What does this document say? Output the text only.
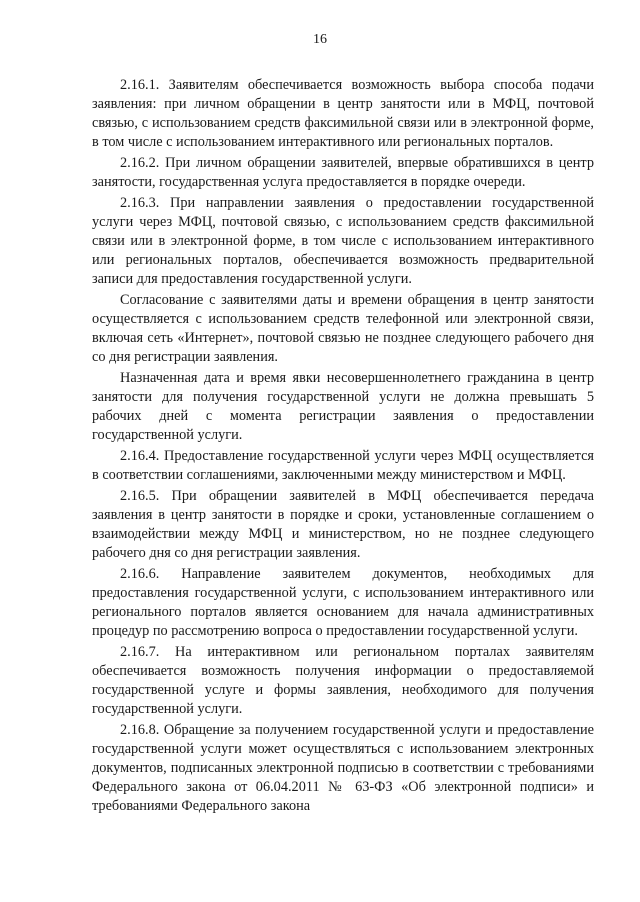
16

2.16.1. Заявителям обеспечивается возможность выбора способа подачи заявления: при личном обращении в центр занятости или в МФЦ, почтовой связью, с использованием средств факсимильной связи или в электронной форме, в том числе с использованием интерактивного или региональных порталов.

2.16.2. При личном обращении заявителей, впервые обратившихся в центр занятости, государственная услуга предоставляется в порядке очереди.

2.16.3. При направлении заявления о предоставлении государственной услуги через МФЦ, почтовой связью, с использованием средств факсимильной связи или в электронной форме, в том числе с использованием интерактивного или региональных порталов, обеспечивается возможность предварительной записи для предоставления государственной услуги.

Согласование с заявителями даты и времени обращения в центр занятости осуществляется с использованием средств телефонной или электронной связи, включая сеть «Интернет», почтовой связью не позднее следующего рабочего дня со дня регистрации заявления.

Назначенная дата и время явки несовершеннолетнего гражданина в центр занятости для получения государственной услуги не должна превышать 5 рабочих дней с момента регистрации заявления о предоставлении государственной услуги.

2.16.4. Предоставление государственной услуги через МФЦ осуществляется в соответствии соглашениями, заключенными между министерством и МФЦ.

2.16.5. При обращении заявителей в МФЦ обеспечивается передача заявления в центр занятости в порядке и сроки, установленные соглашением о взаимодействии между МФЦ и министерством, но не позднее следующего рабочего дня со дня регистрации заявления.

2.16.6. Направление заявителем документов, необходимых для предоставления государственной услуги, с использованием интерактивного или регионального порталов является основанием для начала административных процедур по рассмотрению вопроса о предоставлении государственной услуги.

2.16.7. На интерактивном или региональном порталах заявителям обеспечивается возможность получения информации о предоставляемой государственной услуге и формы заявления, необходимого для получения государственной услуги.

2.16.8. Обращение за получением государственной услуги и предоставление государственной услуги может осуществляться с использованием электронных документов, подписанных электронной подписью в соответствии с требованиями Федерального закона от 06.04.2011 № 63-ФЗ «Об электронной подписи» и требованиями Федерального закона
